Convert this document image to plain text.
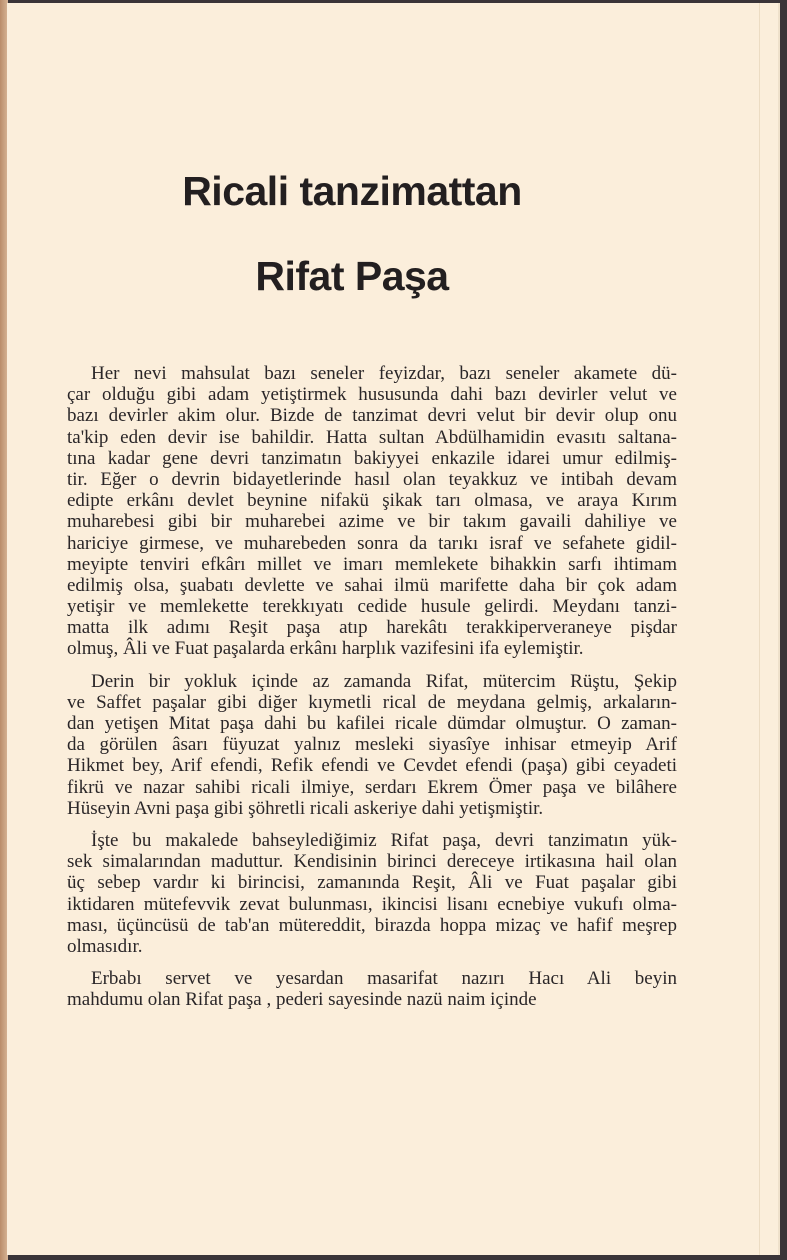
Ricali tanzimattan
Rifat Paşa
Her nevi mahsulat bazı seneler feyizdar, bazı seneler akamete dü-
çar olduğu gibi adam yetiştirmek hususunda dahi bazı devirler velut ve
bazı devirler akim olur. Bizde de tanzimat devri velut bir devir olup onu
ta'kip eden devir ise bahildir. Hatta sultan Abdülhamidin evasıtı saltana-
tına kadar gene devri tanzimatın bakiyyei enkazile idarei umur edilmiş-
tir. Eğer o devrin bidayetlerinde hasıl olan teyakkuz ve intibah devam
edipte erkânı devlet beynine nifakü şikak tarı olmasa, ve araya Kırım
muharebesi gibi bir muharebei azime ve bir takım gavaili dahiliye ve
hariciye girmese, ve muharebeden sonra da tarıkı israf ve sefahete gidil-
meyipte tenviri efkârı millet ve imarı memlekete bihakkin sarfı ihtimam
edilmiş olsa, şuabatı devlette ve sahai ilmü marifette daha bir çok adam
yetişir ve memlekette terekkıyatı cedide husule gelirdi. Meydanı tanzi-
matta ilk adımı Reşit paşa atıp harekâtı terakkiperveraneye pişdar
olmuş, Âli ve Fuat paşalarda erkânı harplık vazifesini ifa eylemiştir.
Derin bir yokluk içinde az zamanda Rifat, mütercim Rüştu, Şekip
ve Saffet paşalar gibi diğer kıymetli rical de meydana gelmiş, arkaların-
dan yetişen Mitat paşa dahi bu kafilei ricale dümdar olmuştur. O zaman-
da görülen âsarı füyuzat yalnız mesleki siyasîye inhisar etmeyip Arif
Hikmet bey, Arif efendi, Refik efendi ve Cevdet efendi (paşa) gibi ceyadeti
fikrü ve nazar sahibi ricali ilmiye, serdarı Ekrem Ömer paşa ve bilâhere
Hüseyin Avni paşa gibi şöhretli ricali askeriye dahi yetişmiştir.
İşte bu makalede bahseylediğimiz Rifat paşa, devri tanzimatın yük-
sek simalarından maduttur. Kendisinin birinci dereceye irtikasına hail olan
üç sebep vardır ki birincisi, zamanında Reşit, Âli ve Fuat paşalar gibi
iktidaren mütefevvik zevat bulunması, ikincisi lisanı ecnebiye vukufı olma-
ması, üçüncüsü de tab'an mütereddit, birazda hoppa mizaç ve hafif meşrep
olmasıdır.
Erbabı servet ve yesardan masarifat nazırı Hacı Ali beyin
mahdumu olan Rifat paşa , pederi sayesinde nazü naim içinde
